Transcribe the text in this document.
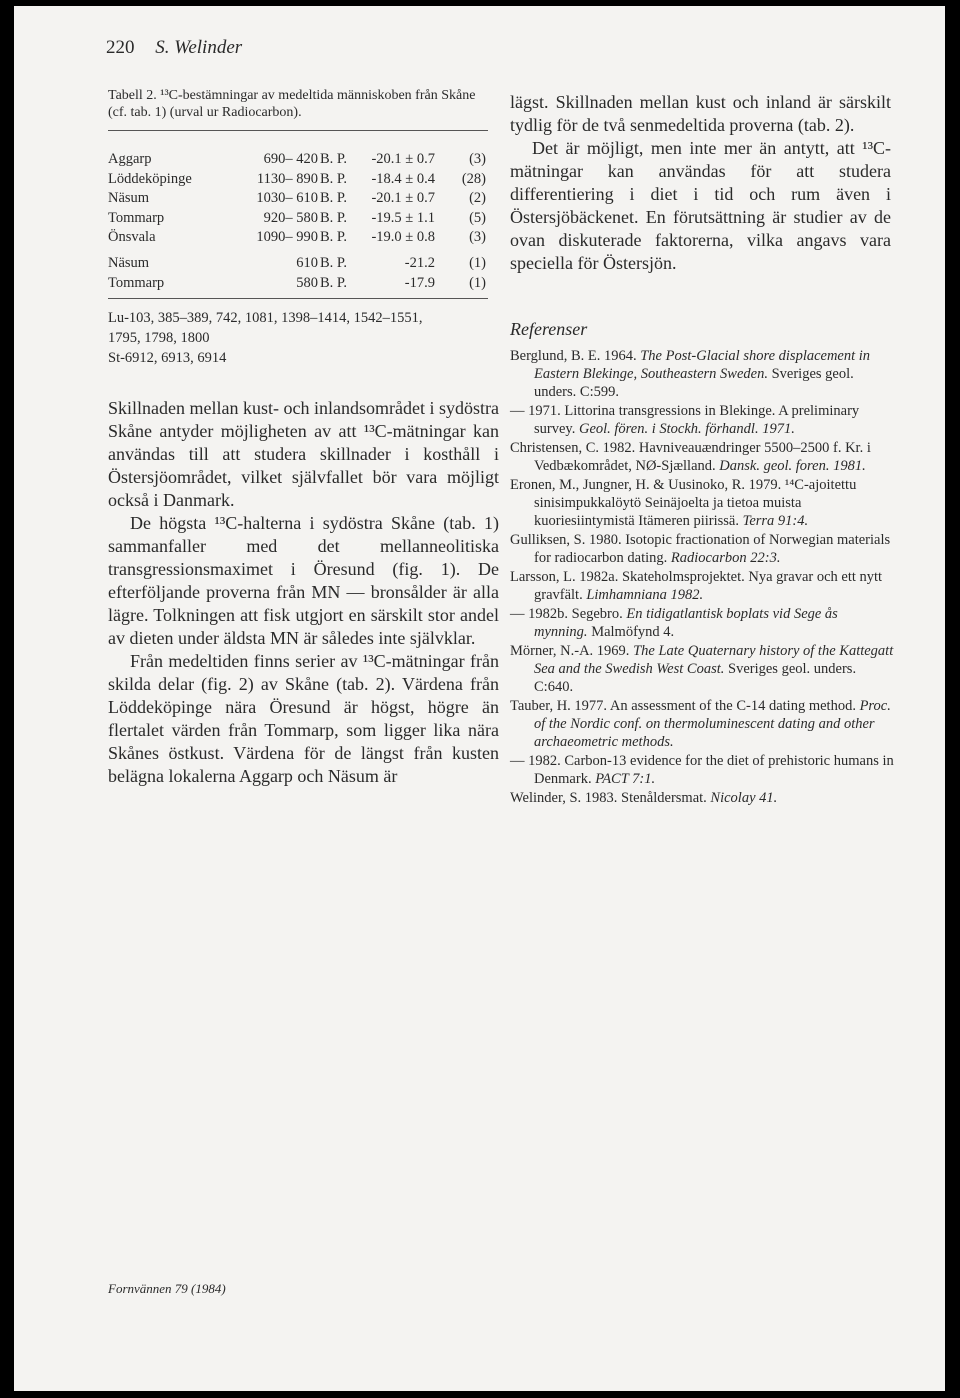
220 S. Welinder
Tabell 2. ¹³C-bestämningar av medeltida människoben från Skåne (cf. tab. 1) (urval ur Radiocarbon).
Aggarp	690– 420 B. P.	-20.1 ± 0.7	(3)
Löddeköpinge	1130– 890 B. P.	-18.4 ± 0.4	(28)
Näsum	1030– 610 B. P.	-20.1 ± 0.7	(2)
Tommarp	920– 580 B. P.	-19.5 ± 1.1	(5)
Önsvala	1090– 990 B. P.	-19.0 ± 0.8	(3)
Näsum	610 B. P.	-21.2	(1)
Tommarp	580 B. P.	-17.9	(1)
Lu-103, 385–389, 742, 1081, 1398–1414, 1542–1551,
1795, 1798, 1800
St-6912, 6913, 6914

Skillnaden mellan kust- och inlandsområdet i sydöstra Skåne antyder möjligheten av att ¹³C-mätningar kan användas till att studera skillnader i kosthåll i Östersjöområdet, vilket självfallet bör vara möjligt också i Danmark.

De högsta ¹³C-halterna i sydöstra Skåne (tab. 1) sammanfaller med det mellanneolitiska transgressionsmaximet i Öresund (fig. 1). De efterföljande proverna från MN — bronsålder är alla lägre. Tolkningen att fisk utgjort en särskilt stor andel av dieten under äldsta MN är således inte självklar.

Från medeltiden finns serier av ¹³C-mätningar från skilda delar (fig. 2) av Skåne (tab. 2). Värdena från Löddeköpinge nära Öresund är högst, högre än flertalet värden från Tommarp, som ligger lika nära Skånes östkust. Värdena för de längst från kusten belägna lokalerna Aggarp och Näsum är

lägst. Skillnaden mellan kust och inland är särskilt tydlig för de två senmedeltida proverna (tab. 2).

Det är möjligt, men inte mer än antytt, att ¹³C-mätningar kan användas för att studera differentiering i diet i tid och rum även i Östersjöbäckenet. En förutsättning är studier av de ovan diskuterade faktorerna, vilka angavs vara speciella för Östersjön.

Referenser

Berglund, B. E. 1964. The Post-Glacial shore displacement in Eastern Blekinge, Southeastern Sweden. Sveriges geol. unders. C:599.

— 1971. Littorina transgressions in Blekinge. A preliminary survey. Geol. fören. i Stockh. förhandl. 1971.

Christensen, C. 1982. Havniveauændringer 5500–2500 f. Kr. i Vedbækområdet, NØ-Sjælland. Dansk. geol. foren. 1981.

Eronen, M., Jungner, H. & Uusinoko, R. 1979. ¹⁴C-ajoitettu sinisimpukkalöytö Seinäjoelta ja tietoa muista kuoriesiintymistä Itämeren piirissä. Terra 91:4.

Gulliksen, S. 1980. Isotopic fractionation of Norwegian materials for radiocarbon dating. Radiocarbon 22:3.

Larsson, L. 1982a. Skateholmsprojektet. Nya gravar och ett nytt gravfält. Limhamniana 1982.

— 1982b. Segebro. En tidigatlantisk boplats vid Sege ås mynning. Malmöfynd 4.

Mörner, N.-A. 1969. The Late Quaternary history of the Kattegatt Sea and the Swedish West Coast. Sveriges geol. unders. C:640.

Tauber, H. 1977. An assessment of the C-14 dating method. Proc. of the Nordic conf. on thermoluminescent dating and other archaeometric methods.

— 1982. Carbon-13 evidence for the diet of prehistoric humans in Denmark. PACT 7:1.

Welinder, S. 1983. Stenåldersmat. Nicolay 41.

Fornvännen 79 (1984)
